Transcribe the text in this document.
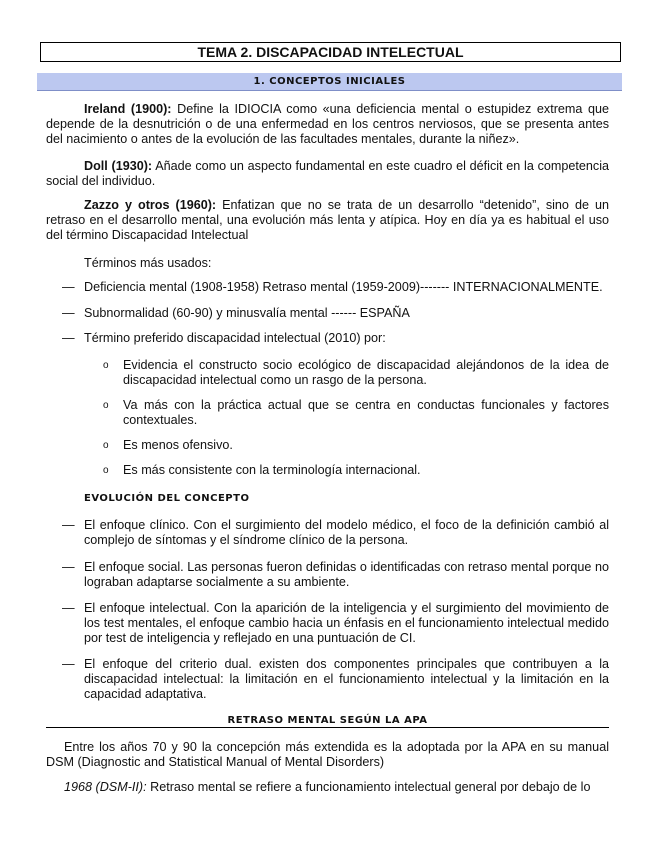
TEMA 2. DISCAPACIDAD INTELECTUAL
1. CONCEPTOS INICIALES

Ireland (1900): Define la IDIOCIA como «una deficiencia mental o estupidez extrema que depende de la desnutrición o de una enfermedad en los centros nerviosos, que se presenta antes del nacimiento o antes de la evolución de las facultades mentales, durante la niñez».

Doll (1930): Añade como un aspecto fundamental en este cuadro el déficit en la competencia social del individuo.

Zazzo y otros (1960): Enfatizan que no se trata de un desarrollo “detenido”, sino de un retraso en el desarrollo mental, una evolución más lenta y atípica. Hoy en día ya es habitual el uso del término Discapacidad Intelectual

Términos más usados:

— Deficiencia mental (1908-1958) Retraso mental (1959-2009)------- INTERNACIONALMENTE.
— Subnormalidad (60-90) y minusvalía mental ------ ESPAÑA
— Término preferido discapacidad intelectual (2010) por:
o Evidencia el constructo socio ecológico de discapacidad alejándonos de la idea de discapacidad intelectual como un rasgo de la persona.
o Va más con la práctica actual que se centra en conductas funcionales y factores contextuales.
o Es menos ofensivo.
o Es más consistente con la terminología internacional.
EVOLUCIÓN DEL CONCEPTO
— El enfoque clínico. Con el surgimiento del modelo médico, el foco de la definición cambió al complejo de síntomas y el síndrome clínico de la persona.
— El enfoque social. Las personas fueron definidas o identificadas con retraso mental porque no lograban adaptarse socialmente a su ambiente.
— El enfoque intelectual. Con la aparición de la inteligencia y el surgimiento del movimiento de los test mentales, el enfoque cambio hacia un énfasis en el funcionamiento intelectual medido por test de inteligencia y reflejado en una puntuación de CI.
— El enfoque del criterio dual. existen dos componentes principales que contribuyen a la discapacidad intelectual: la limitación en el funcionamiento intelectual y la limitación en la capacidad adaptativa.
RETRASO MENTAL SEGÚN LA APA

Entre los años 70 y 90 la concepción más extendida es la adoptada por la APA en su manual DSM (Diagnostic and Statistical Manual of Mental Disorders)

1968 (DSM-II): Retraso mental se refiere a funcionamiento intelectual general por debajo de lo
